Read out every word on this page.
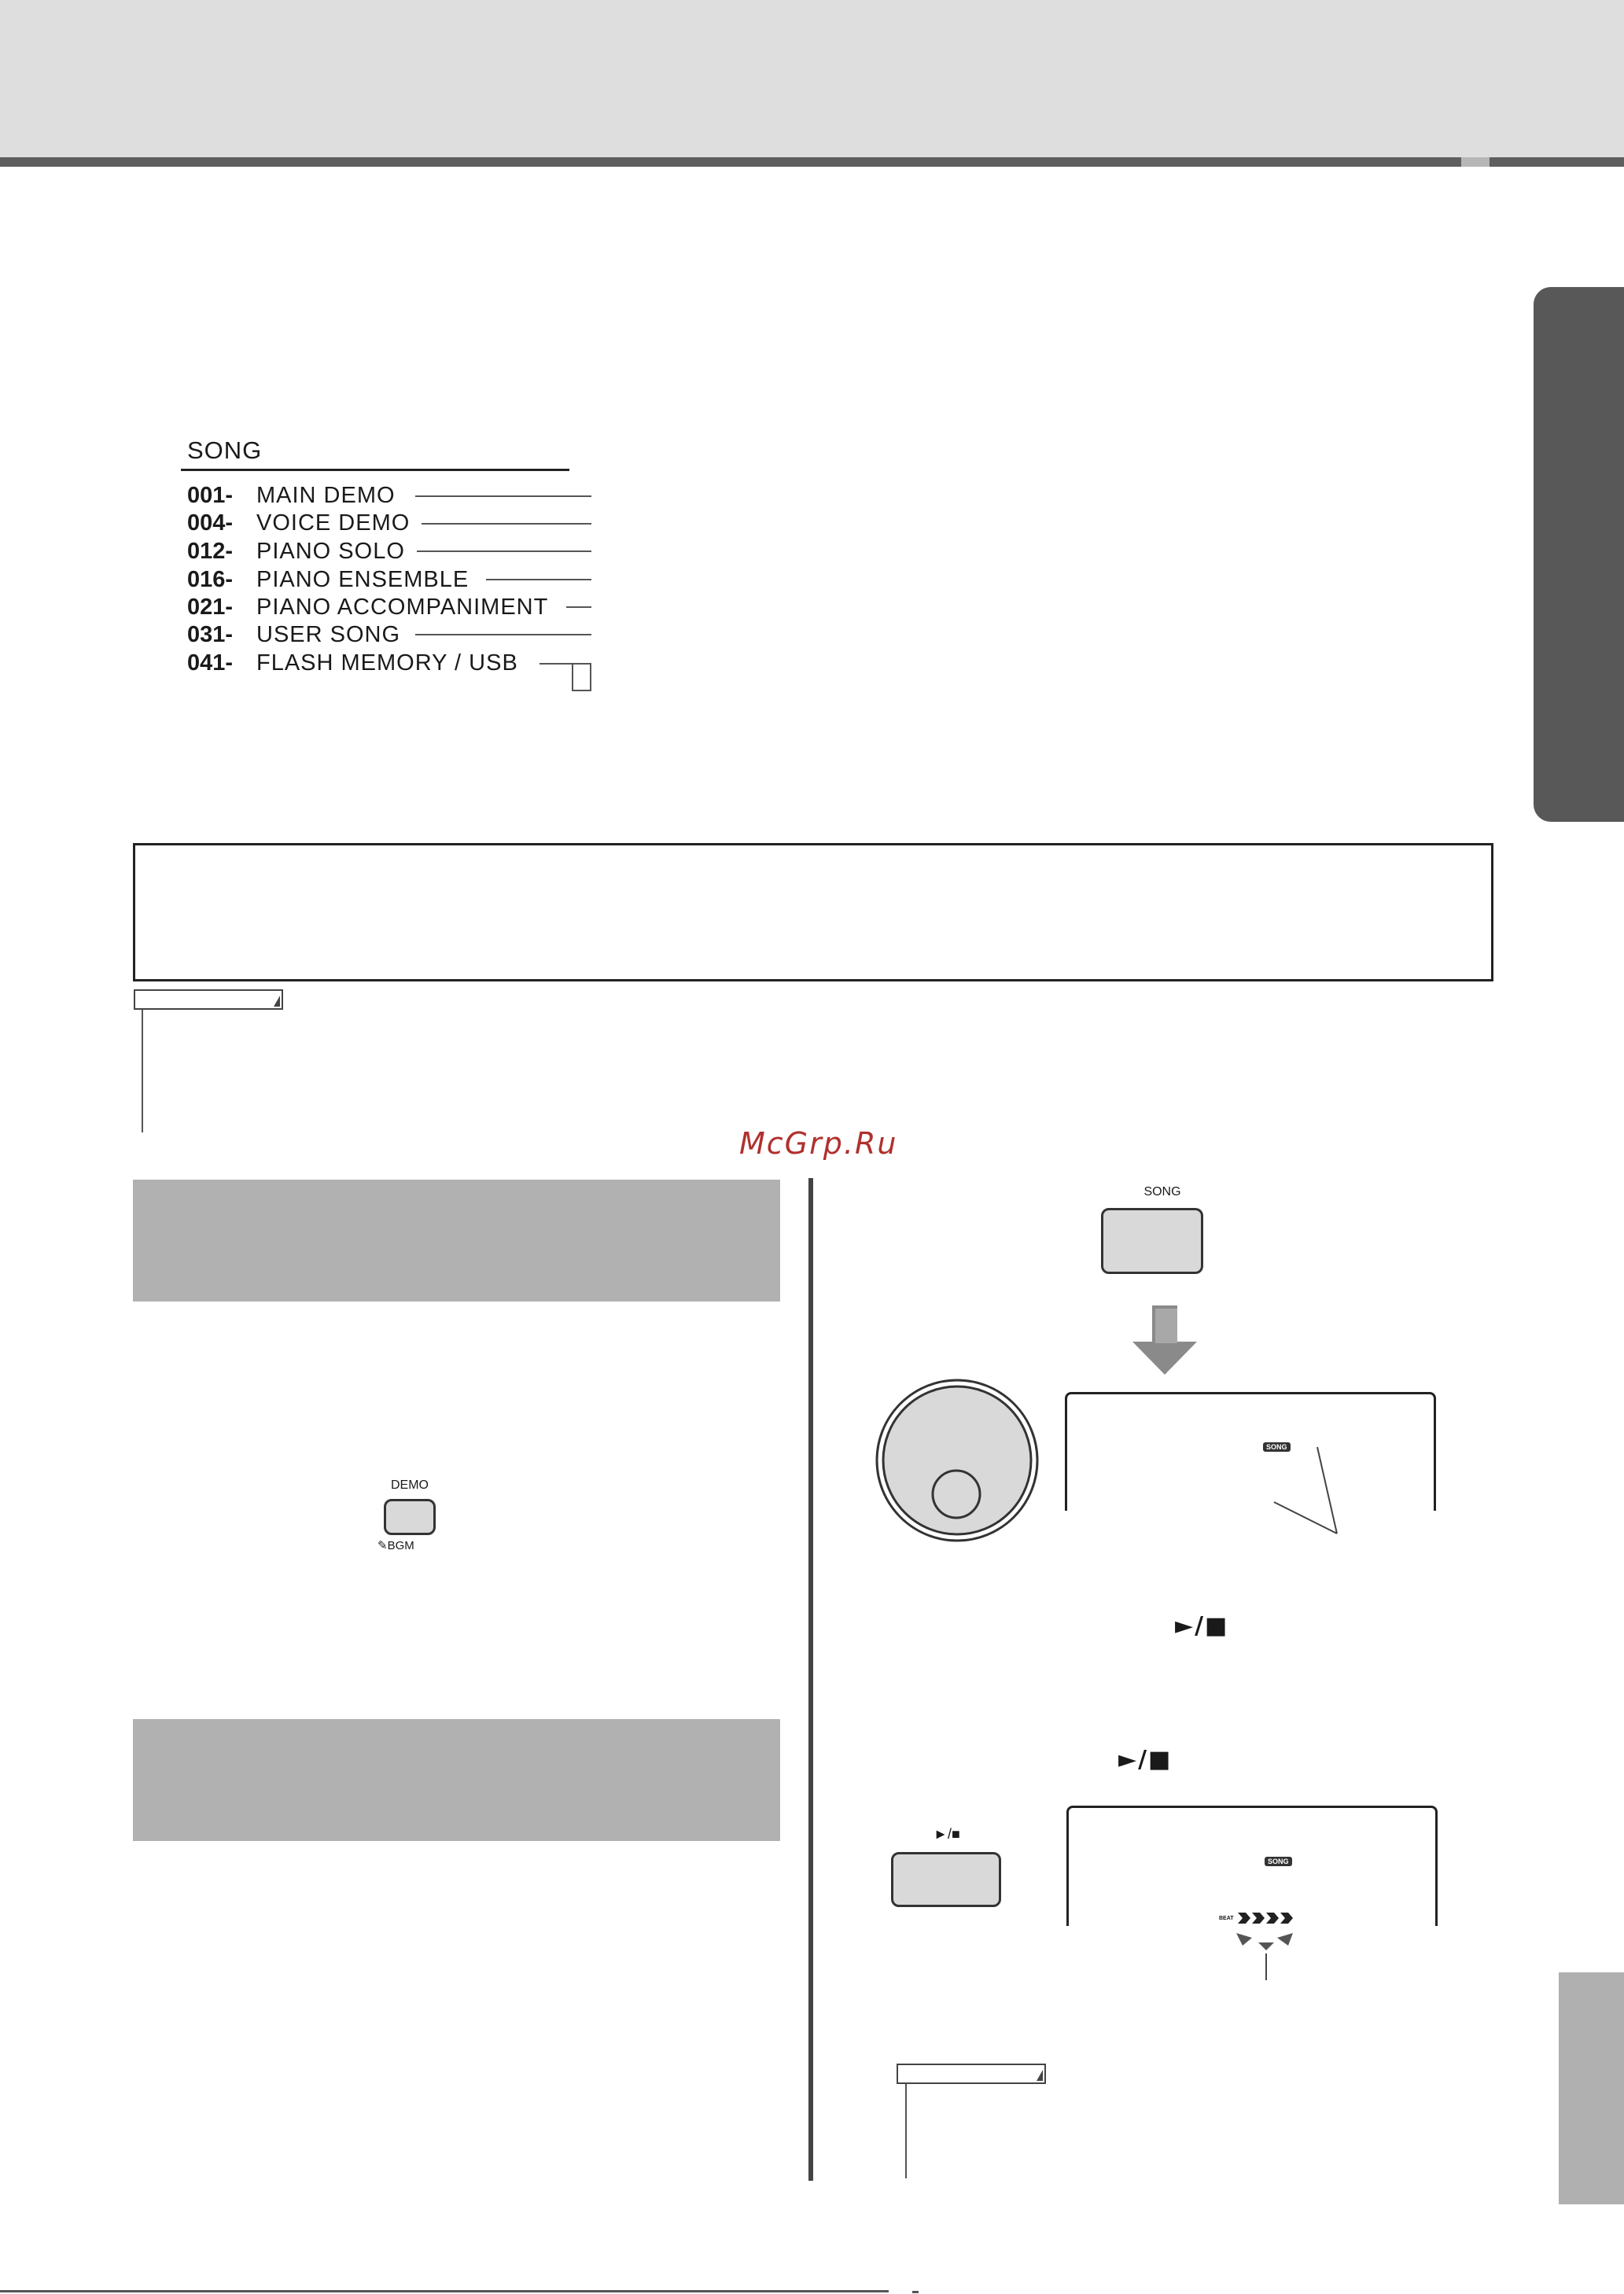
SONG
001-	MAIN DEMO
004-	VOICE DEMO
012-	PIANO SOLO
016-	PIANO ENSEMBLE
021-	PIANO ACCOMPANIMENT
031-	USER SONG
041-	FLASH MEMORY / USB
McGrp.Ru
DEMO
✎BGM
SONG
SONG
►/■
►/■
►/■
SONG
BEAT
